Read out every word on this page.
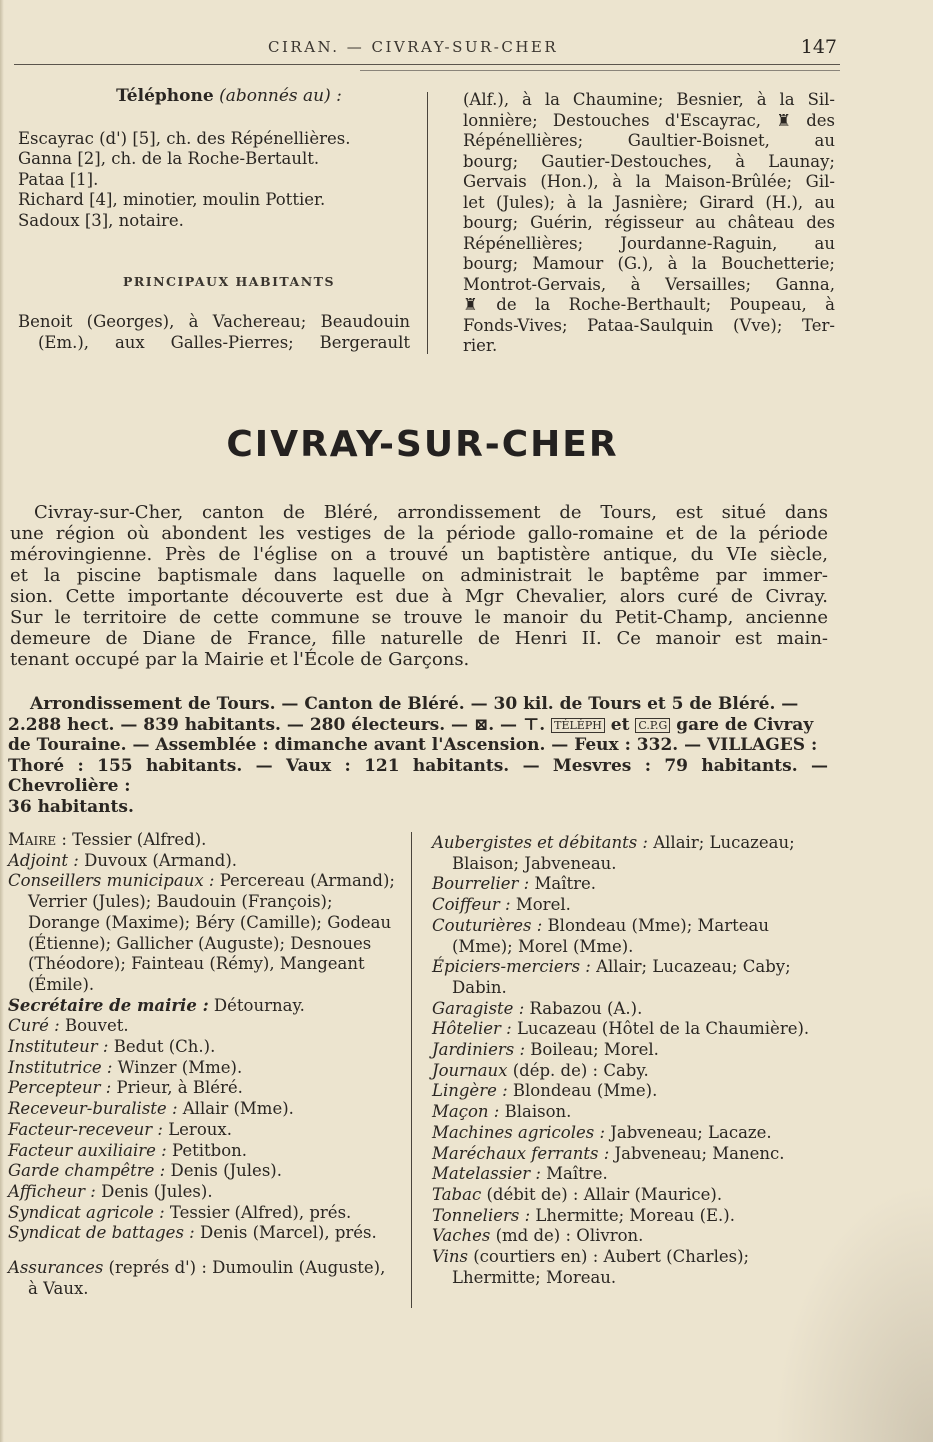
CIRAN. — CIVRAY-SUR-CHER	147
Téléphone (abonnés au) :

Escayrac (d') [5], ch. des Répénellières.

Ganna [2], ch. de la Roche-Bertault.

Pataa [1].

Richard [4], minotier, moulin Pottier.

Sadoux [3], notaire.

PRINCIPAUX HABITANTS

Benoit (Georges), à Vachereau; Beaudouin

(Em.), aux Galles-Pierres; Bergerault

(Alf.), à la Chaumine; Besnier, à la Sil-

lonnière; Destouches d'Escayrac, ♜ des

Répénellières; Gaultier-Boisnet, au

bourg; Gautier-Destouches, à Launay;

Gervais (Hon.), à la Maison-Brûlée; Gil-

let (Jules); à la Jasnière; Girard (H.), au

bourg; Guérin, régisseur au château des

Répénellières; Jourdanne-Raguin, au

bourg; Mamour (G.), à la Bouchetterie;

Montrot-Gervais, à Versailles; Ganna,

♜ de la Roche-Berthault; Poupeau, à

Fonds-Vives; Pataa-Saulquin (Vve); Ter-

rier.

CIVRAY-SUR-CHER

Civray-sur-Cher, canton de Bléré, arrondissement de Tours, est situé dans

une région où abondent les vestiges de la période gallo-romaine et de la période

mérovingienne. Près de l'église on a trouvé un baptistère antique, du VIe siècle,

et la piscine baptismale dans laquelle on administrait le baptême par immer-

sion. Cette importante découverte est due à Mgr Chevalier, alors curé de Civray.

Sur le territoire de cette commune se trouve le manoir du Petit-Champ, ancienne

demeure de Diane de France, fille naturelle de Henri II. Ce manoir est main-

tenant occupé par la Mairie et l'École de Garçons.

Arrondissement de Tours. — Canton de Bléré. — 30 kil. de Tours et 5 de Bléré. —

2.288 hect. — 839 habitants. — 280 électeurs. — ⊠. — ⊤. TÉLÉPH et C.P.G gare de Civray

de Touraine. — Assemblée : dimanche avant l'Ascension. — Feux : 332. — VILLAGES :

Thoré : 155 habitants. — Vaux : 121 habitants. — Mesvres : 79 habitants. — Chevrolière :

36 habitants.

Maire : Tessier (Alfred).

Adjoint : Duvoux (Armand).

Conseillers municipaux : Percereau (Armand); Verrier (Jules); Baudouin (François); Dorange (Maxime); Béry (Camille); Godeau (Étienne); Gallicher (Auguste); Desnoues (Théodore); Fainteau (Rémy), Mangeant (Émile).

Secrétaire de mairie : Détournay.

Curé : Bouvet.

Instituteur : Bedut (Ch.).

Institutrice : Winzer (Mme).

Percepteur : Prieur, à Bléré.

Receveur-buraliste : Allair (Mme).

Facteur-receveur : Leroux.

Facteur auxiliaire : Petitbon.

Garde champêtre : Denis (Jules).

Afficheur : Denis (Jules).

Syndicat agricole : Tessier (Alfred), prés.

Syndicat de battages : Denis (Marcel), prés.

Assurances (représ d') : Dumoulin (Auguste), à Vaux.

Aubergistes et débitants : Allair; Lucazeau; Blaison; Jabveneau.

Bourrelier : Maître.

Coiffeur : Morel.

Couturières : Blondeau (Mme); Marteau (Mme); Morel (Mme).

Épiciers-merciers : Allair; Lucazeau; Caby; Dabin.

Garagiste : Rabazou (A.).

Hôtelier : Lucazeau (Hôtel de la Chaumière).

Jardiniers : Boileau; Morel.

Journaux (dép. de) : Caby.

Lingère : Blondeau (Mme).

Maçon : Blaison.

Machines agricoles : Jabveneau; Lacaze.

Maréchaux ferrants : Jabveneau; Manenc.

Matelassier : Maître.

Tabac (débit de) : Allair (Maurice).

Tonneliers : Lhermitte; Moreau (E.).

Vaches (md de) : Olivron.

Vins (courtiers en) : Aubert (Charles); Lhermitte; Moreau.
